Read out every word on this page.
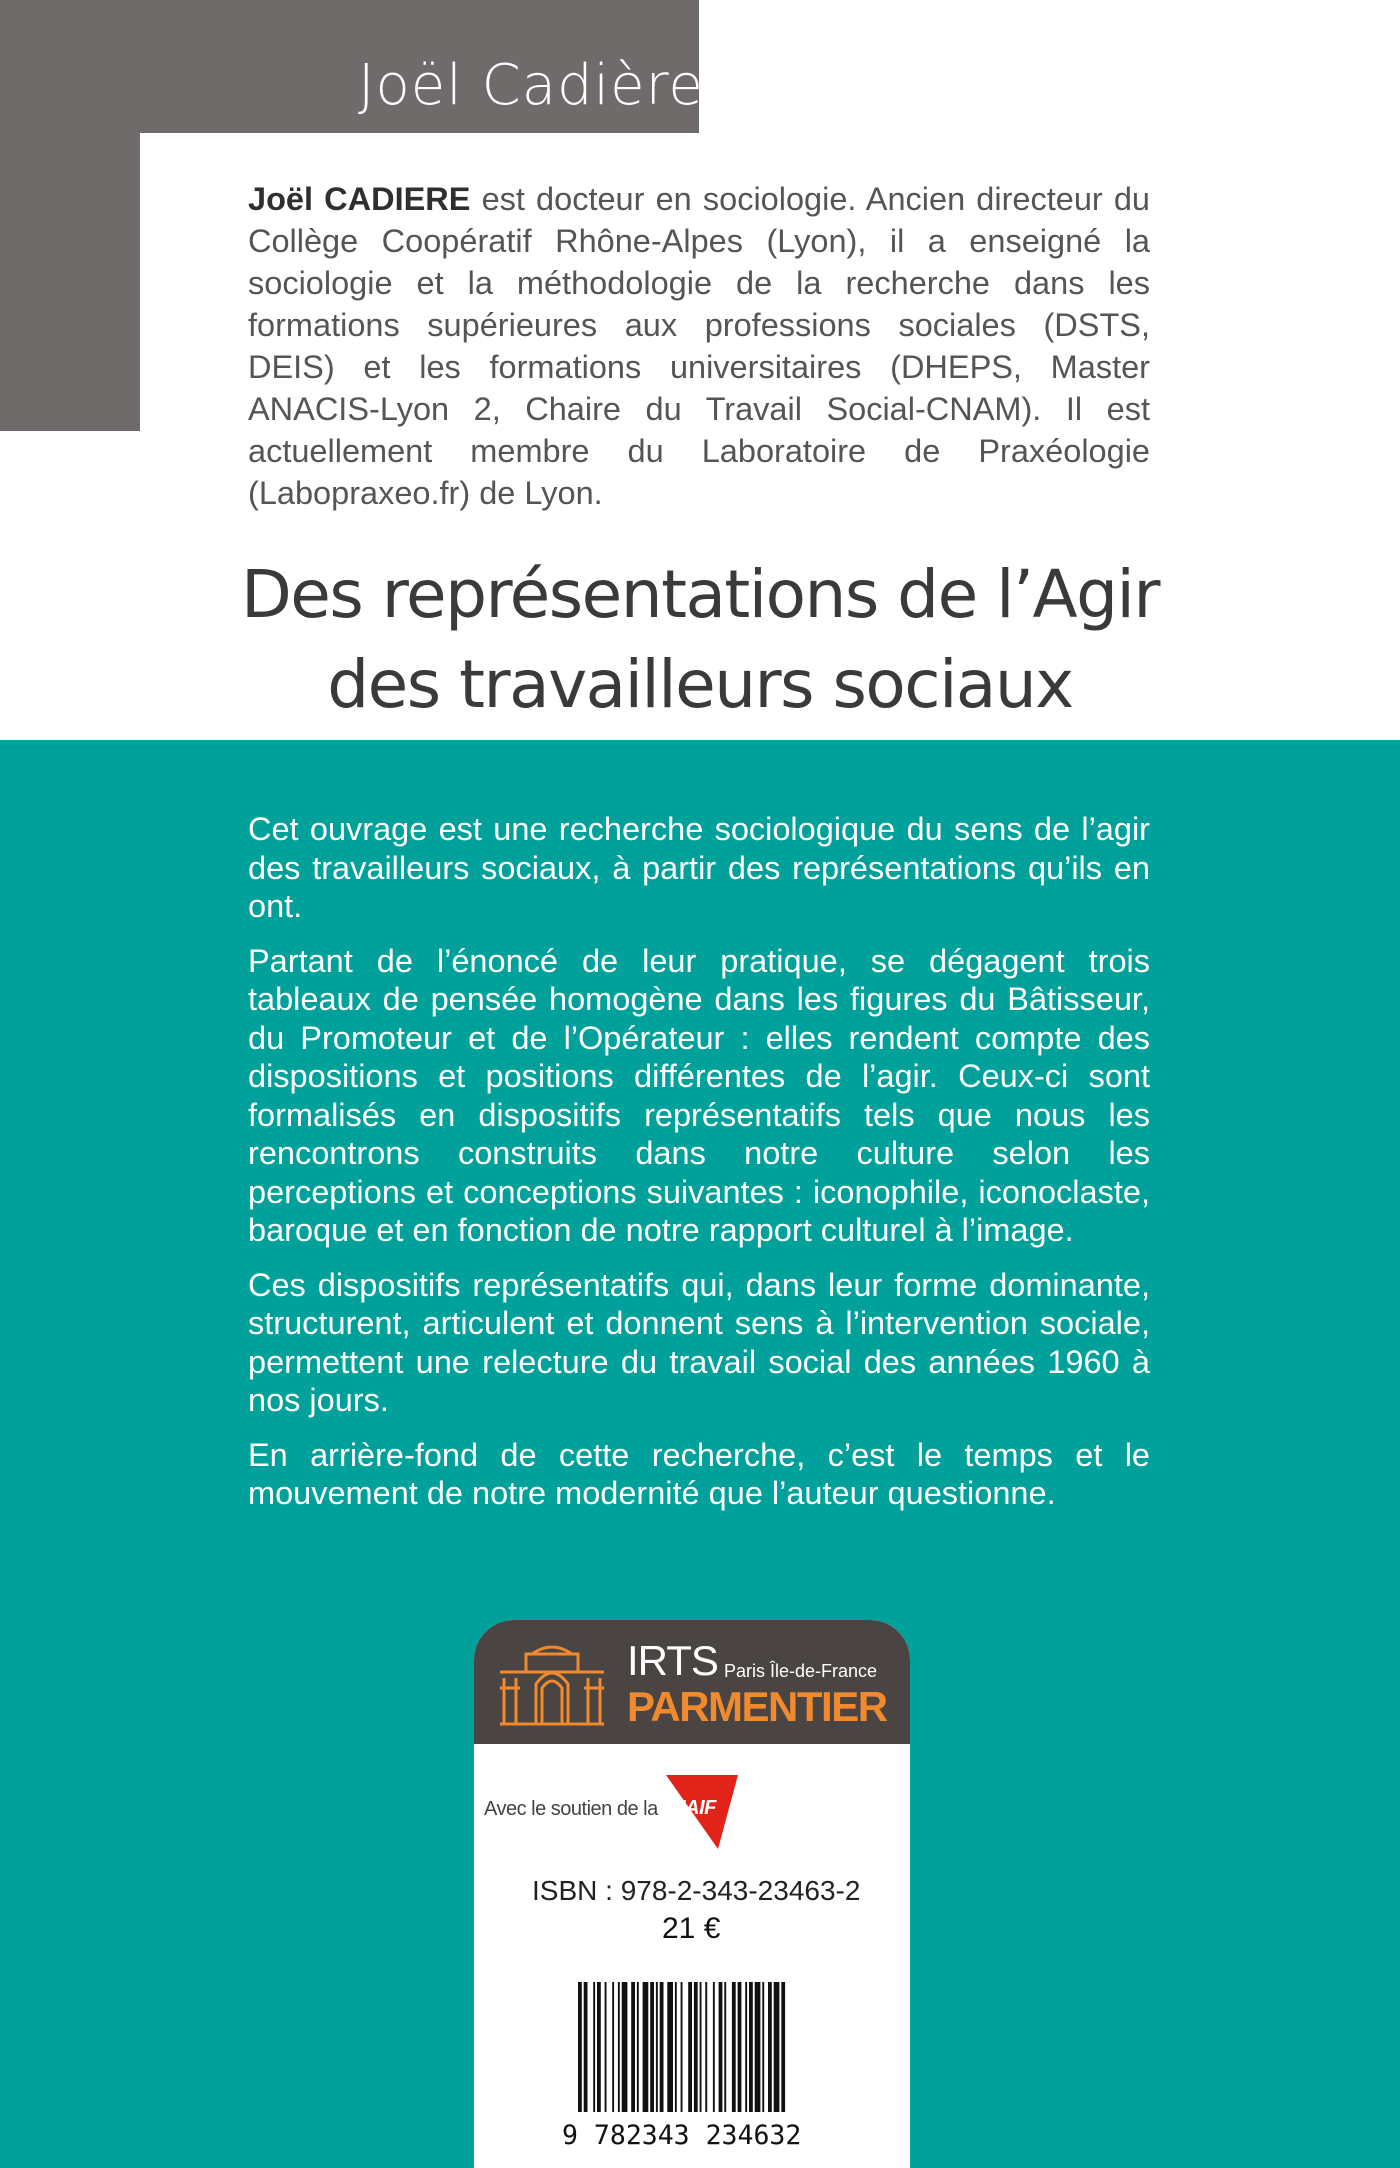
Joël Cadière

Joël CADIERE est docteur en sociologie. Ancien directeur du Collège Coopératif Rhône-Alpes (Lyon), il a enseigné la sociologie et la méthodologie de la recherche dans les formations supérieures aux professions sociales (DSTS, DEIS) et les formations universitaires (DHEPS, Master ANACIS-Lyon 2, Chaire du Travail Social-CNAM). Il est actuellement membre du Laboratoire de Praxéologie (Labopraxeo.fr) de Lyon.

Des représentations de l’Agir
des travailleurs sociaux

Cet ouvrage est une recherche sociologique du sens de l’agir des travailleurs sociaux, à partir des représentations qu’ils en ont.

Partant de l’énoncé de leur pratique, se dégagent trois tableaux de pensée homogène dans les figures du Bâtisseur, du Promoteur et de l’Opérateur : elles rendent compte des dispositions et positions différentes de l’agir. Ceux-ci sont formalisés en dispositifs représentatifs tels que nous les rencontrons construits dans notre culture selon les perceptions et conceptions suivantes : iconophile, iconoclaste, baroque et en fonction de notre rapport culturel à l’image.

Ces dispositifs représentatifs qui, dans leur forme dominante, structurent, articulent et donnent sens à l’intervention sociale, permettent une relecture du travail social des années 1960 à nos jours.

En arrière-fond de cette recherche, c’est le temps et le mouvement de notre modernité que l’auteur questionne.

IRTS Paris Île-de-France
PARMENTIER
Avec le soutien de la MAIF
ISBN : 978-2-343-23463-2
21 €
9 782343 234632
